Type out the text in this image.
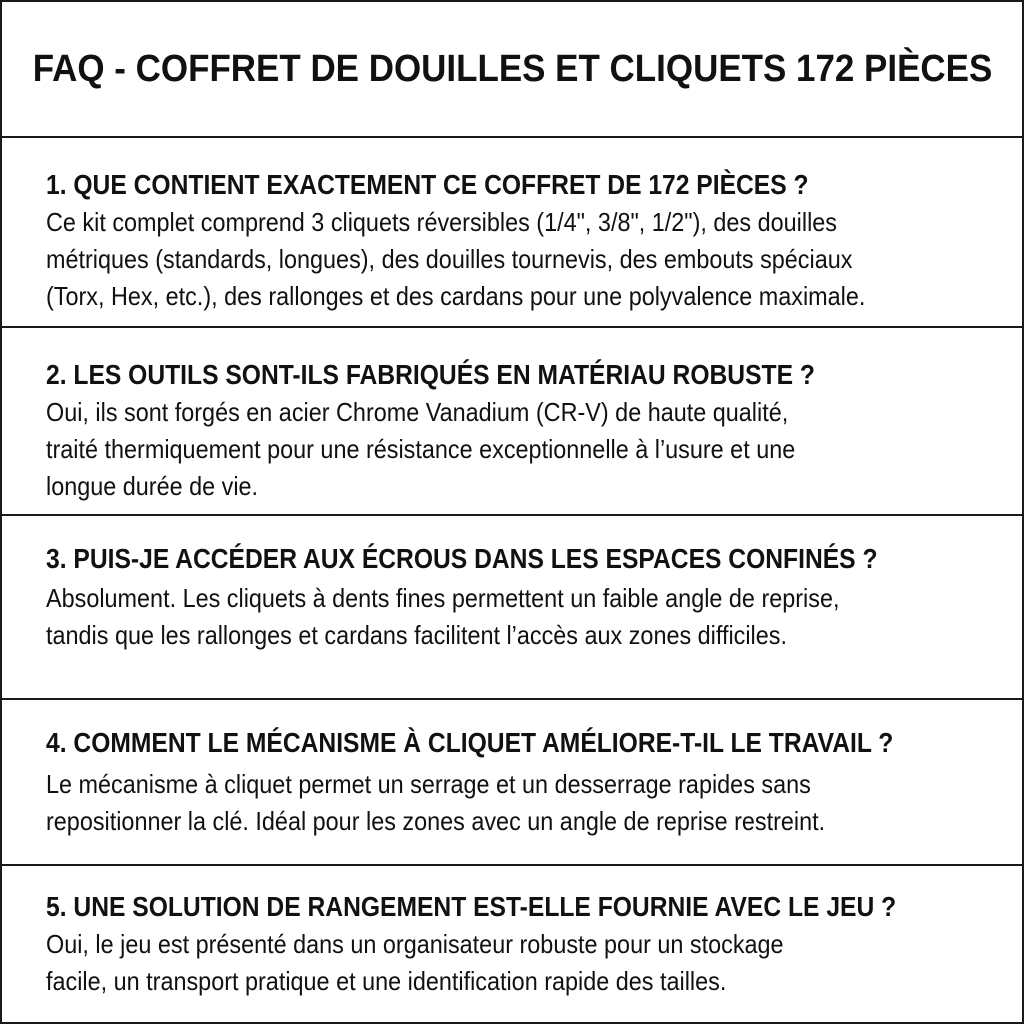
FAQ - COFFRET DE DOUILLES ET CLIQUETS 172 PIÈCES
1. QUE CONTIENT EXACTEMENT CE COFFRET DE 172 PIÈCES ?

Ce kit complet comprend 3 cliquets réversibles (1/4", 3/8", 1/2"), des douilles
métriques (standards, longues), des douilles tournevis, des embouts spéciaux
(Torx, Hex, etc.), des rallonges et des cardans pour une polyvalence maximale.

2. LES OUTILS SONT-ILS FABRIQUÉS EN MATÉRIAU ROBUSTE ?

Oui, ils sont forgés en acier Chrome Vanadium (CR-V) de haute qualité,
traité thermiquement pour une résistance exceptionnelle à l’usure et une
longue durée de vie.

3. PUIS-JE ACCÉDER AUX ÉCROUS DANS LES ESPACES CONFINÉS ?

Absolument. Les cliquets à dents fines permettent un faible angle de reprise,
tandis que les rallonges et cardans facilitent l’accès aux zones difficiles.

4. COMMENT LE MÉCANISME À CLIQUET AMÉLIORE-T-IL LE TRAVAIL ?

Le mécanisme à cliquet permet un serrage et un desserrage rapides sans
repositionner la clé. Idéal pour les zones avec un angle de reprise restreint.

5. UNE SOLUTION DE RANGEMENT EST-ELLE FOURNIE AVEC LE JEU ?

Oui, le jeu est présenté dans un organisateur robuste pour un stockage
facile, un transport pratique et une identification rapide des tailles.
